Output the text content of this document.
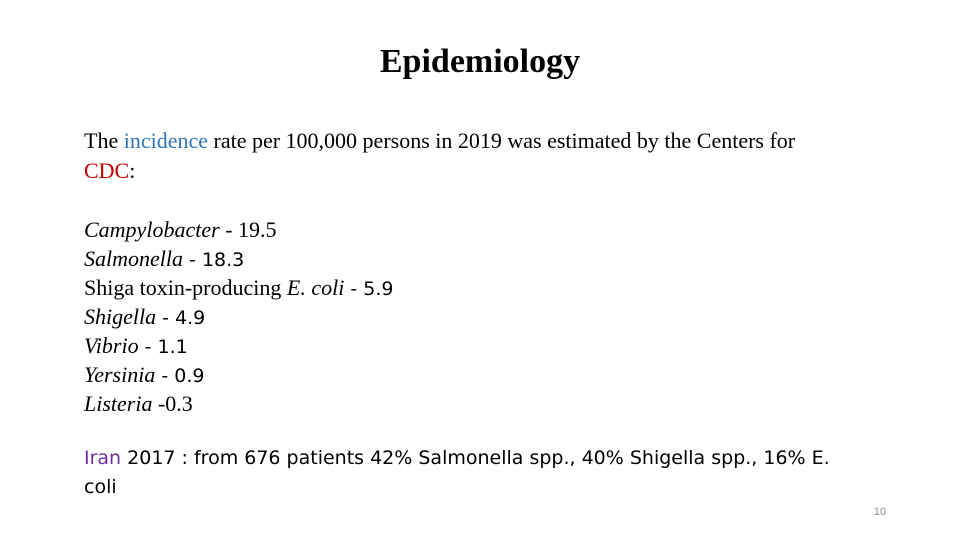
Epidemiology
The incidence rate per 100,000 persons in 2019 was estimated by the Centers for CDC:
Campylobacter - 19.5
Salmonella - 18.3
Shiga toxin-producing E. coli - 5.9
Shigella - 4.9
Vibrio - 1.1
Yersinia - 0.9
Listeria -0.3
Iran 2017 : from 676 patients 42% Salmonella spp., 40% Shigella spp., 16% E. coli
10
